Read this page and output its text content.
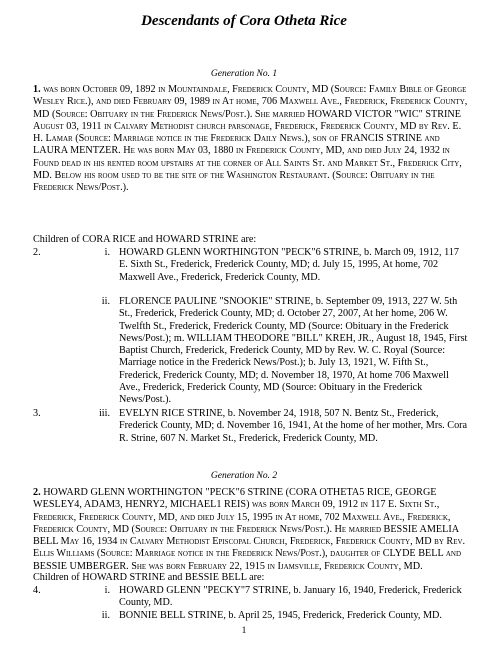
Descendants of Cora Otheta Rice
Generation No. 1
1. was born October 09, 1892 in Mountaindale, Frederick County, MD (Source: Family Bible of George Wesley Rice.), and died February 09, 1989 in At home, 706 Maxwell Ave., Frederick, Frederick County, MD (Source: Obituary in the Frederick News/Post.). She married HOWARD VICTOR "WIC" STRINE August 03, 1911 in Calvary Methodist church parsonage, Frederick, Frederick County, MD by Rev. E. H. Lamar (Source: Marriage notice in the Frederick Daily News.), son of FRANCIS STRINE and LAURA MENTZER. He was born May 03, 1880 in Frederick County, MD, and died July 24, 1932 in Found dead in his rented room upstairs at the corner of All Saints St. and Market St., Frederick City, MD. Below his room used to be the site of the Washington Restaurant. (Source: Obituary in the Frederick News/Post.).
Children of CORA RICE and HOWARD STRINE are:
2.	i. HOWARD GLENN WORTHINGTON "PECK"6 STRINE, b. March 09, 1912, 117 E. Sixth St., Frederick, Frederick County, MD; d. July 15, 1995, At home, 702 Maxwell Ave., Frederick, Frederick County, MD.
ii. FLORENCE PAULINE "SNOOKIE" STRINE, b. September 09, 1913, 227 W. 5th St., Frederick, Frederick County, MD; d. October 27, 2007, At her home, 206 W. Twelfth St., Frederick, Frederick County, MD (Source: Obituary in the Frederick News/Post.); m. WILLIAM THEODORE "BILL" KREH, JR., August 18, 1945, First Baptist Church, Frederick, Frederick County, MD by Rev. W. C. Royal (Source: Marriage notice in the Frederick News/Post.); b. July 13, 1921, W. Fifth St., Frederick, Frederick County, MD; d. November 18, 1970, At home 706 Maxwell Ave., Frederick, Frederick County, MD (Source: Obituary in the Frederick News/Post.).
3.	iii. EVELYN RICE STRINE, b. November 24, 1918, 507 N. Bentz St., Frederick, Frederick County, MD; d. November 16, 1941, At the home of her mother, Mrs. Cora R. Strine, 607 N. Market St., Frederick, Frederick County, MD.
Generation No. 2
2. HOWARD GLENN WORTHINGTON "PECK"6 STRINE (CORA OTHETA5 RICE, GEORGE WESLEY4, ADAM3, HENRY2, MICHAEL1 REIS) was born March 09, 1912 in 117 E. Sixth St., Frederick, Frederick County, MD, and died July 15, 1995 in At home, 702 Maxwell Ave., Frederick, Frederick County, MD (Source: Obituary in the Frederick News/Post.). He married BESSIE AMELIA BELL May 16, 1934 in Calvary Methodist Episcopal Church, Frederick, Frederick County, MD by Rev. Ellis Williams (Source: Marriage notice in the Frederick News/Post.), daughter of CLYDE BELL and BESSIE UMBERGER. She was born February 22, 1915 in Ijamsville, Frederick County, MD.
Children of HOWARD STRINE and BESSIE BELL are:
4.	i. HOWARD GLENN "PECKY"7 STRINE, b. January 16, 1940, Frederick, Frederick County, MD.
ii. BONNIE BELL STRINE, b. April 25, 1945, Frederick, Frederick County, MD.
1
